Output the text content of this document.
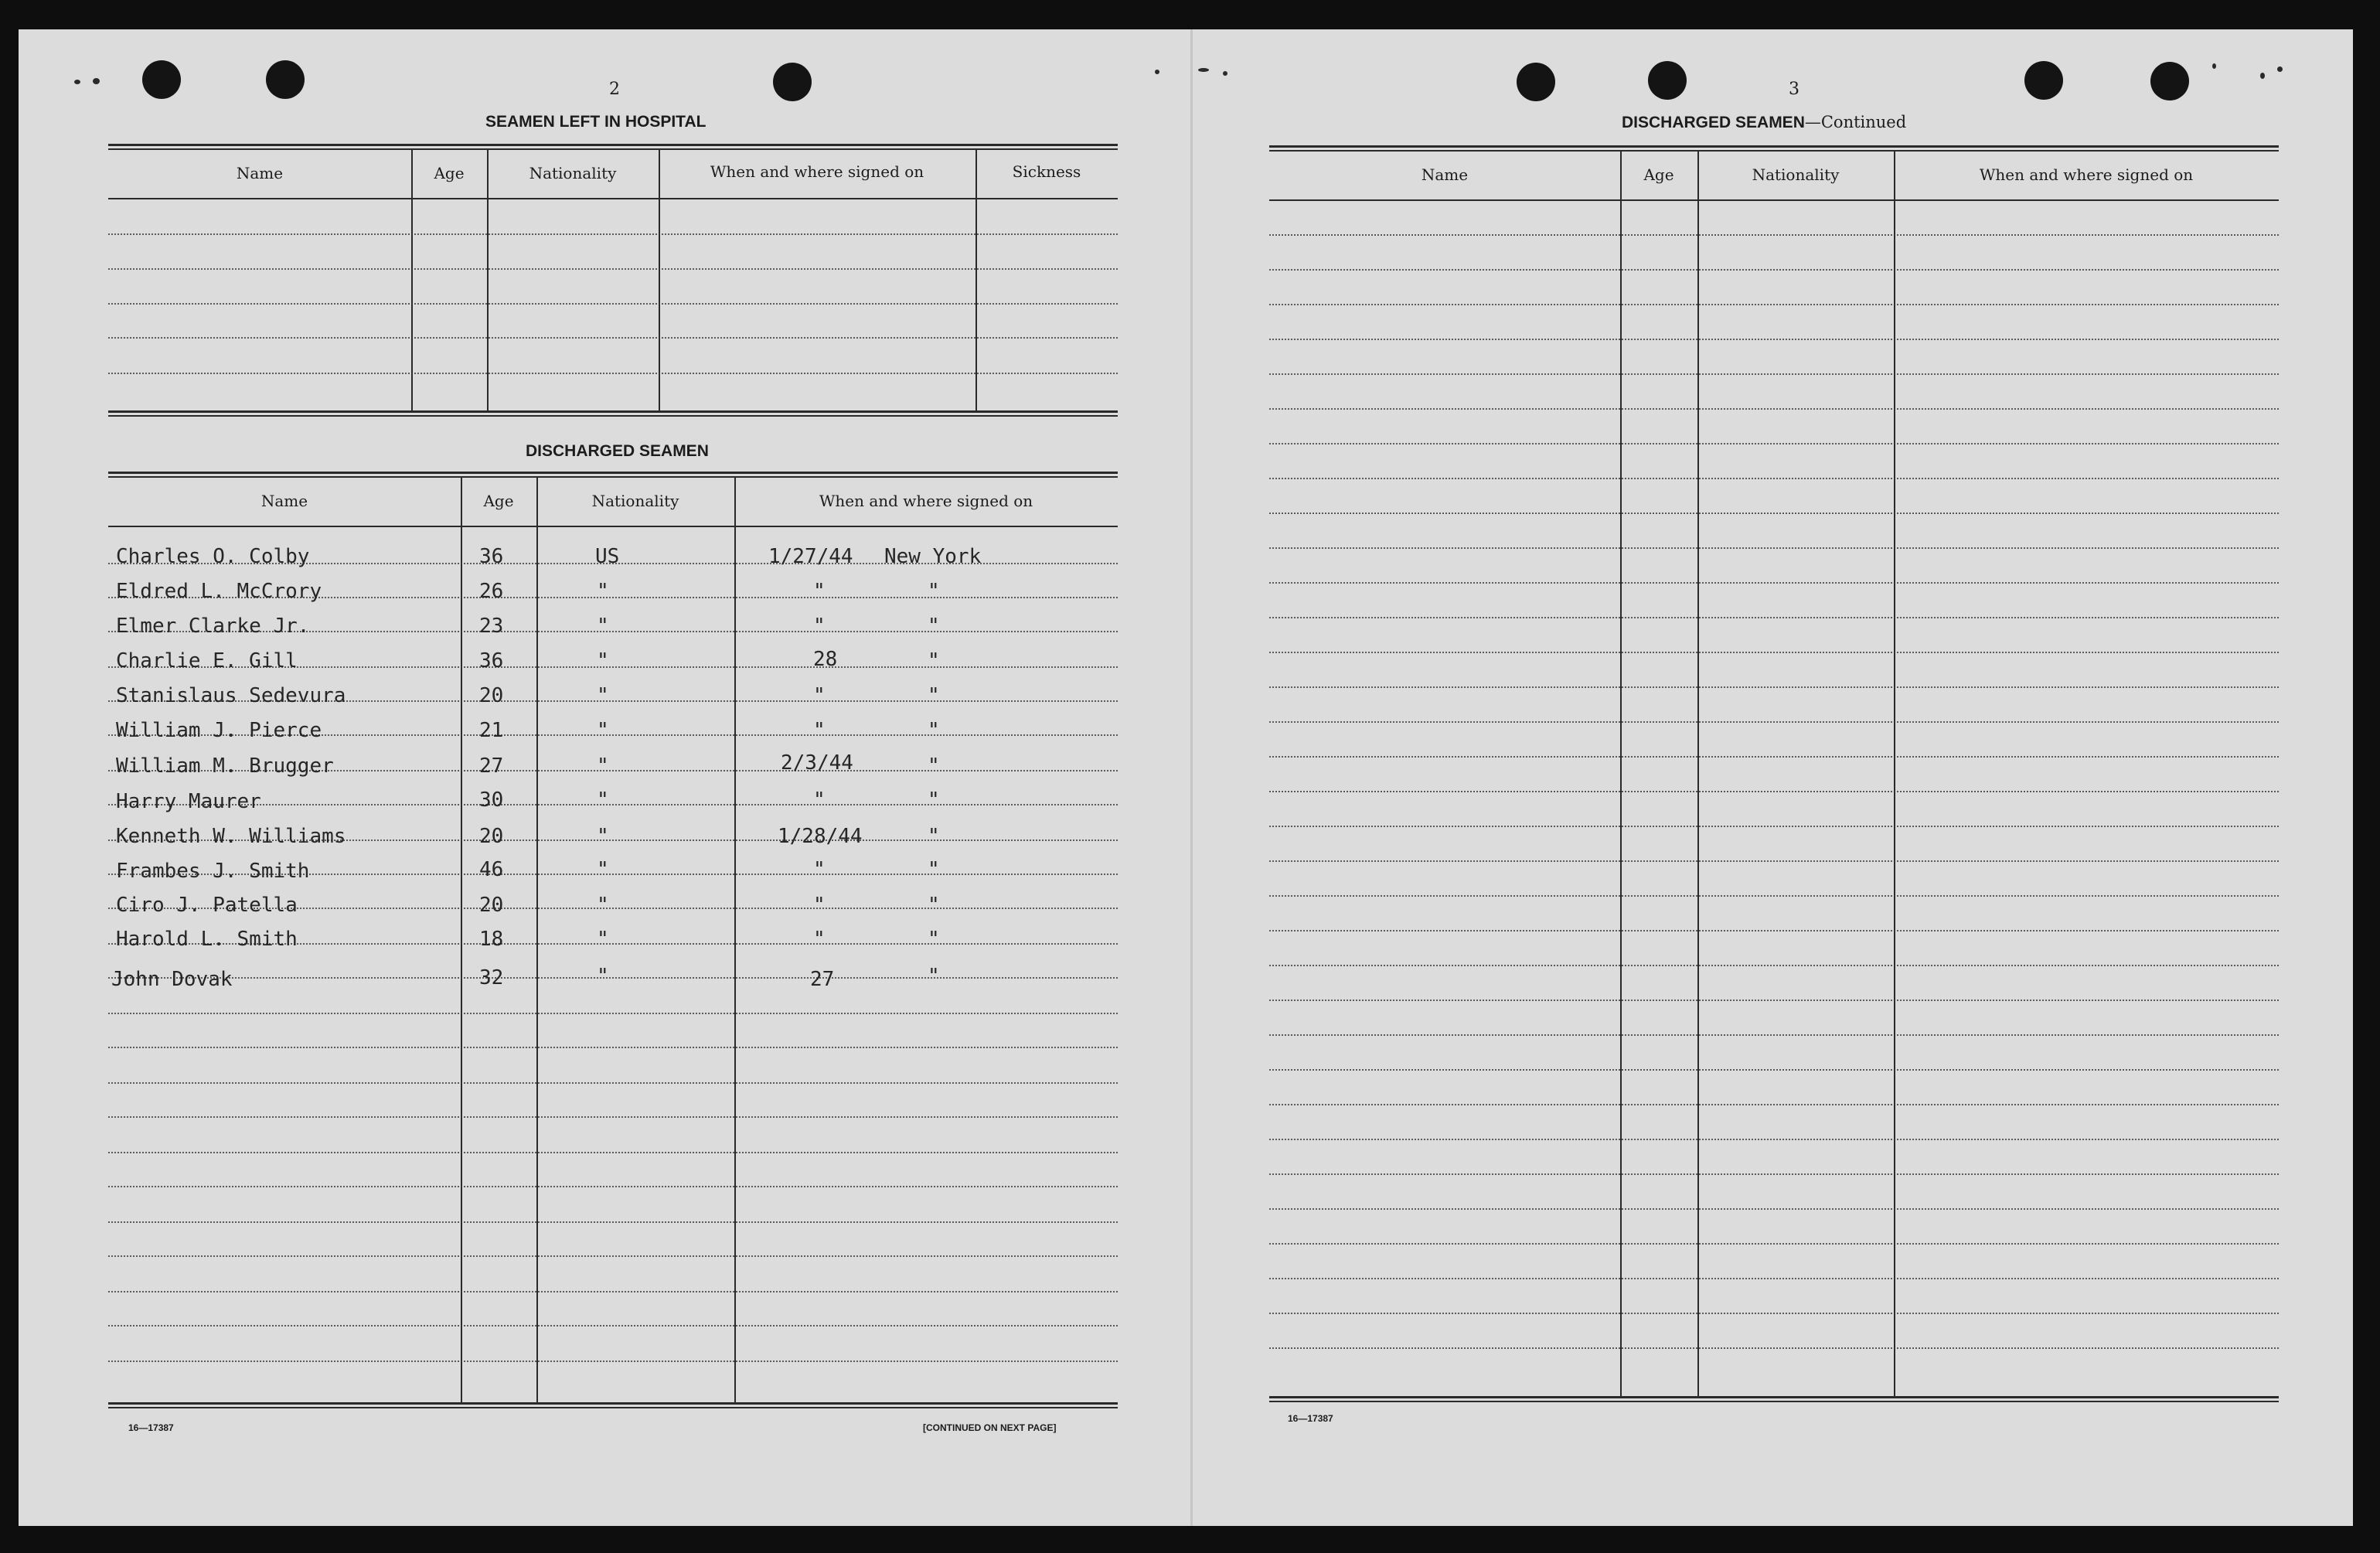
2
SEAMEN LEFT IN HOSPITAL
Name	Age	Nationality	When and where signed on	Sickness
DISCHARGED SEAMEN
Name	Age	Nationality	When and where signed on
Charles O. Colby	36	US	1/27/44 New York
Eldred L. McCrory	26	"	"	"
Elmer Clarke Jr.	23	"	"	"
Charlie E. Gill	36	"	28	"
Stanislaus Sedevura	20	"	"	"
William J. Pierce	21	"	"	"
William M. Brugger	27	"	2/3/44	"
Harry Maurer	30	"	"	"
Kenneth W. Williams	20	"	1/28/44	"
Frambes J. Smith	46	"	"	"
Ciro J. Patella	20	"	"	"
Harold L. Smith	18	"	"	"
John Dovak	32	"	27	"
16—17387	[CONTINUED ON NEXT PAGE]
3
DISCHARGED SEAMEN—Continued
Name	Age	Nationality	When and where signed on
16—17387
